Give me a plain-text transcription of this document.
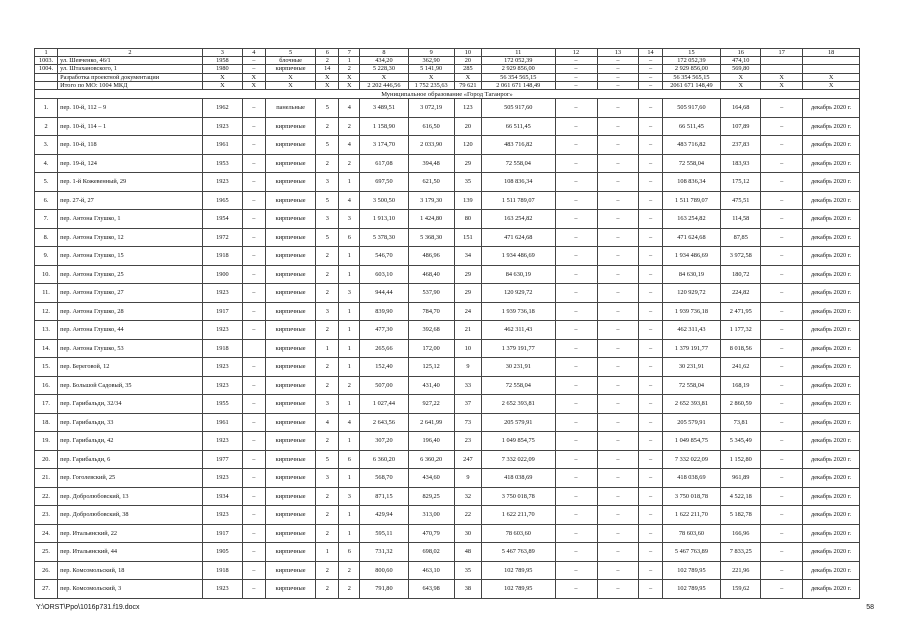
1	2	3	4	5	6	7	8	9	10	11	12	13	14	15	16	17	18
1003.	ул. Шевченко, 46/1	1958	–	блочные	2	1	434,20	362,90	20	172 052,39	–	–	–	172 052,39	474,10		
1004.	ул. Штахановского, 1	1980	–	кирпичные	14	2	5 228,30	5 141,90	285	2 929 856,00	–	–	–	2 929 856,00	569,80		
	Разработка проектной документации	X	X	X	X	X	X	X	X	56 354 565,15	–	–	–	56 354 565,15	X	X	X
	Итого по МО: 1004 МКД	X	X	X	X	X	2 202 446,56	1 752 235,63	79 621	2 061 671 148,49	–	–	–	2061 671 148,49	X	X	X
Муниципальное образование «Город Таганрог»																	
1.	пер. 10-й, 112 – 9	1962	–	панельные	5	4	3 489,51	3 072,19	123	505 917,60	–	–	–	505 917,60	164,68	–	декабрь 2020 г.
2	пер. 10-й, 114 – 1	1923	–	кирпичные	2	2	1 158,90	616,50	20	66 511,45	–	–	–	66 511,45	107,89	–	декабрь 2020 г.
3.	пер. 10-й, 118	1961	–	кирпичные	5	4	3 174,70	2 033,90	120	483 716,82	–	–	–	483 716,82	237,83	–	декабрь 2020 г.
4.	пер. 19-й, 124	1953	–	кирпичные	2	2	617,08	394,48	29	72 558,04	–	–	–	72 558,04	183,93	–	декабрь 2020 г.
5.	пер. 1-й Кожевенный, 29	1923	–	кирпичные	3	1	697,50	621,50	35	108 836,34	–	–	–	108 836,34	175,12	–	декабрь 2020 г.
6.	пер. 27-й, 27	1965	–	кирпичные	5	4	3 500,50	3 179,30	139	1 511 789,07	–	–	–	1 511 789,07	475,51	–	декабрь 2020 г.
7.	пер. Антона Глушко, 1	1954	–	кирпичные	3	3	1 913,10	1 424,80	80	163 254,82	–	–	–	163 254,82	114,58	–	декабрь 2020 г.
8.	пер. Антона Глушко, 12	1972	–	кирпичные	5	6	5 378,30	5 368,30	151	471 624,68	–	–	–	471 624,68	87,85	–	декабрь 2020 г.
9.	пер. Антона Глушко, 15	1918	–	кирпичные	2	1	546,70	486,96	34	1 934 486,69	–	–	–	1 934 486,69	3 972,58	–	декабрь 2020 г.
10.	пер. Антона Глушко, 25	1900	–	кирпичные	2	1	603,10	468,40	29	84 630,19	–	–	–	84 630,19	180,72	–	декабрь 2020 г.
11.	пер. Антона Глушко, 27	1923	–	кирпичные	2	3	944,44	537,90	29	120 929,72	–	–	–	120 929,72	224,82	–	декабрь 2020 г.
12.	пер. Антона Глушко, 28	1917	–	кирпичные	3	1	839,90	784,70	24	1 939 736,18	–	–	–	1 939 736,18	2 471,95	–	декабрь 2020 г.
13.	пер. Антона Глушко, 44	1923	–	кирпичные	2	1	477,30	392,68	21	462 311,43	–	–	–	462 311,43	1 177,32	–	декабрь 2020 г.
14.	пер. Антона Глушко, 53	1918		кирпичные	1	1	265,66	172,00	10	1 379 191,77	–	–	–	1 379 191,77	8 018,56	–	декабрь 2020 г.
15.	пер. Береговой, 12	1923	–	кирпичные	2	1	152,40	125,12	9	30 231,91	–	–	–	30 231,91	241,62	–	декабрь 2020 г.
16.	пер. Большой Садовый, 35	1923	–	кирпичные	2	2	507,00	431,40	33	72 558,04	–	–	–	72 558,04	168,19	–	декабрь 2020 г.
17.	пер. Гарибальди, 32/34	1955	–	кирпичные	3	1	1 027,44	927,22	37	2 652 393,81	–	–	–	2 652 393,81	2 860,59	–	декабрь 2020 г.
18.	пер. Гарибальди, 33	1961	–	кирпичные	4	4	2 643,56	2 641,99	73	205 579,91	–	–	–	205 579,91	73,81	–	декабрь 2020 г.
19.	пер. Гарибальди, 42	1923	–	кирпичные	2	1	307,20	196,40	23	1 049 854,75	–	–	–	1 049 854,75	5 345,49	–	декабрь 2020 г.
20.	пер. Гарибальди, 6	1977	–	кирпичные	5	6	6 360,20	6 360,20	247	7 332 022,09	–	–	–	7 332 022,09	1 152,80	–	декабрь 2020 г.
21.	пер. Гоголевский, 25	1923	–	кирпичные	3	1	568,70	434,60	9	418 038,69	–	–	–	418 038,69	961,89	–	декабрь 2020 г.
22.	пер. Добролюбовский, 13	1934	–	кирпичные	2	3	871,15	829,25	32	3 750 018,78	–	–	–	3 750 018,78	4 522,18	–	декабрь 2020 г.
23.	пер. Добролюбовский, 38	1923	–	кирпичные	2	1	429,94	313,00	22	1 622 211,70	–	–	–	1 622 211,70	5 182,78	–	декабрь 2020 г.
24.	пер. Итальянский, 22	1917	–	кирпичные	2	1	595,11	470,79	30	78 603,60	–	–	–	78 603,60	166,96	–	декабрь 2020 г.
25.	пер. Итальянский, 44	1905	–	кирпичные	1	6	731,32	698,02	48	5 467 763,89	–	–	–	5 467 763,89	7 833,25	–	декабрь 2020 г.
26.	пер. Комсомольский, 18	1918	–	кирпичные	2	2	800,60	463,10	35	102 789,95	–	–	–	102 789,95	221,96	–	декабрь 2020 г.
27.	пер. Комсомольский, 3	1923	–	кирпичные	2	2	791,80	643,98	38	102 789,95	–	–	–	102 789,95	159,62	–	декабрь 2020 г.
Y:\ORST\Ppo\1016p731.f19.docx	58
